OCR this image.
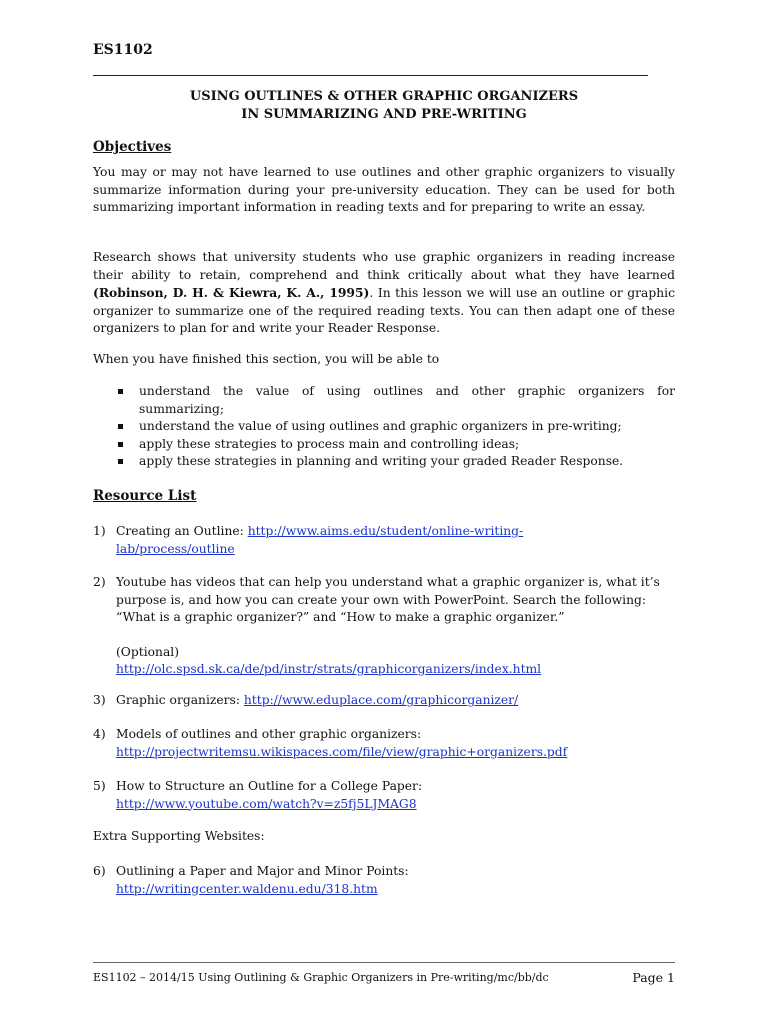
ES1102
USING OUTLINES & OTHER GRAPHIC ORGANIZERS
IN SUMMARIZING AND PRE-WRITING
Objectives
You may or may not have learned to use outlines and other graphic organizers to visually summarize information during your pre-university education. They can be used for both summarizing important information in reading texts and for preparing to write an essay.
Research shows that university students who use graphic organizers in reading increase their ability to retain, comprehend and think critically about what they have learned (Robinson, D. H. & Kiewra, K. A., 1995). In this lesson we will use an outline or graphic organizer to summarize one of the required reading texts. You can then adapt one of these organizers to plan for and write your Reader Response.
When you have finished this section, you will be able to
understand the value of using outlines and other graphic organizers for summarizing;
understand the value of using outlines and graphic organizers in pre-writing;
apply these strategies to process main and controlling ideas;
apply these strategies in planning and writing your graded Reader Response.
Resource List
1) Creating an Outline: http://www.aims.edu/student/online-writing-
lab/process/outline
2) Youtube has videos that can help you understand what a graphic organizer is, what it’s purpose is, and how you can create your own with PowerPoint. Search the following: “What is a graphic organizer?” and “How to make a graphic organizer.”
(Optional)
http://olc.spsd.sk.ca/de/pd/instr/strats/graphicorganizers/index.html
3) Graphic organizers: http://www.eduplace.com/graphicorganizer/
4) Models of outlines and other graphic organizers:
http://projectwritemsu.wikispaces.com/file/view/graphic+organizers.pdf
5) How to Structure an Outline for a College Paper:
http://www.youtube.com/watch?v=z5fj5LJMAG8
Extra Supporting Websites:
6) Outlining a Paper and Major and Minor Points:
http://writingcenter.waldenu.edu/318.htm
ES1102 – 2014/15 Using Outlining & Graphic Organizers in Pre-writing/mc/bb/dc	Page 1
